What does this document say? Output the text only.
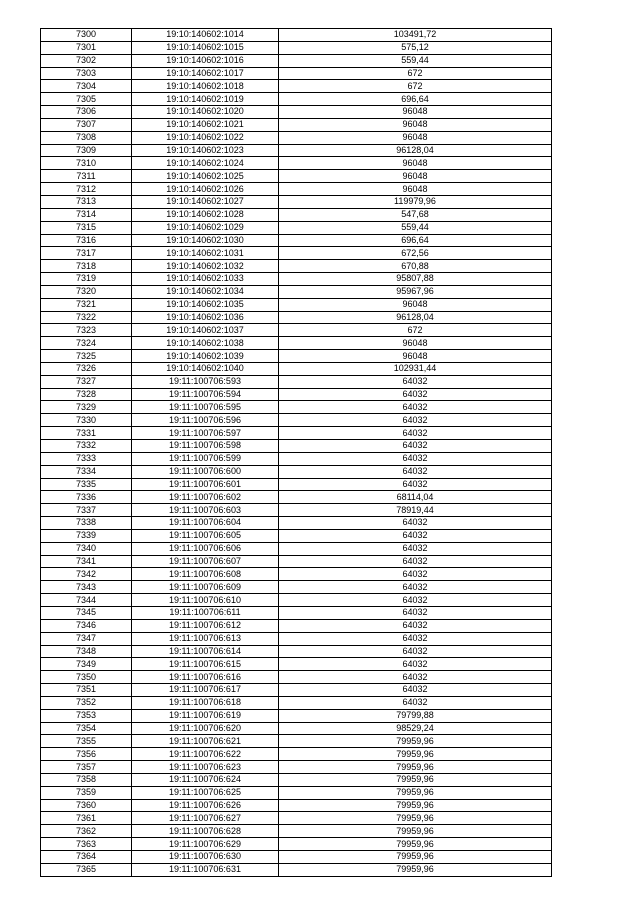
7300	19:10:140602:1014	103491,72
7301	19:10:140602:1015	575,12
7302	19:10:140602:1016	559,44
7303	19:10:140602:1017	672
7304	19:10:140602:1018	672
7305	19:10:140602:1019	696,64
7306	19:10:140602:1020	96048
7307	19:10:140602:1021	96048
7308	19:10:140602:1022	96048
7309	19:10:140602:1023	96128,04
7310	19:10:140602:1024	96048
7311	19:10:140602:1025	96048
7312	19:10:140602:1026	96048
7313	19:10:140602:1027	119979,96
7314	19:10:140602:1028	547,68
7315	19:10:140602:1029	559,44
7316	19:10:140602:1030	696,64
7317	19:10:140602:1031	672,56
7318	19:10:140602:1032	670,88
7319	19:10:140602:1033	95807,88
7320	19:10:140602:1034	95967,96
7321	19:10:140602:1035	96048
7322	19:10:140602:1036	96128,04
7323	19:10:140602:1037	672
7324	19:10:140602:1038	96048
7325	19:10:140602:1039	96048
7326	19:10:140602:1040	102931,44
7327	19:11:100706:593	64032
7328	19:11:100706:594	64032
7329	19:11:100706:595	64032
7330	19:11:100706:596	64032
7331	19:11:100706:597	64032
7332	19:11:100706:598	64032
7333	19:11:100706:599	64032
7334	19:11:100706:600	64032
7335	19:11:100706:601	64032
7336	19:11:100706:602	68114,04
7337	19:11:100706:603	78919,44
7338	19:11:100706:604	64032
7339	19:11:100706:605	64032
7340	19:11:100706:606	64032
7341	19:11:100706:607	64032
7342	19:11:100706:608	64032
7343	19:11:100706:609	64032
7344	19:11:100706:610	64032
7345	19:11:100706:611	64032
7346	19:11:100706:612	64032
7347	19:11:100706:613	64032
7348	19:11:100706:614	64032
7349	19:11:100706:615	64032
7350	19:11:100706:616	64032
7351	19:11:100706:617	64032
7352	19:11:100706:618	64032
7353	19:11:100706:619	79799,88
7354	19:11:100706:620	98529,24
7355	19:11:100706:621	79959,96
7356	19:11:100706:622	79959,96
7357	19:11:100706:623	79959,96
7358	19:11:100706:624	79959,96
7359	19:11:100706:625	79959,96
7360	19:11:100706:626	79959,96
7361	19:11:100706:627	79959,96
7362	19:11:100706:628	79959,96
7363	19:11:100706:629	79959,96
7364	19:11:100706:630	79959,96
7365	19:11:100706:631	79959,96
